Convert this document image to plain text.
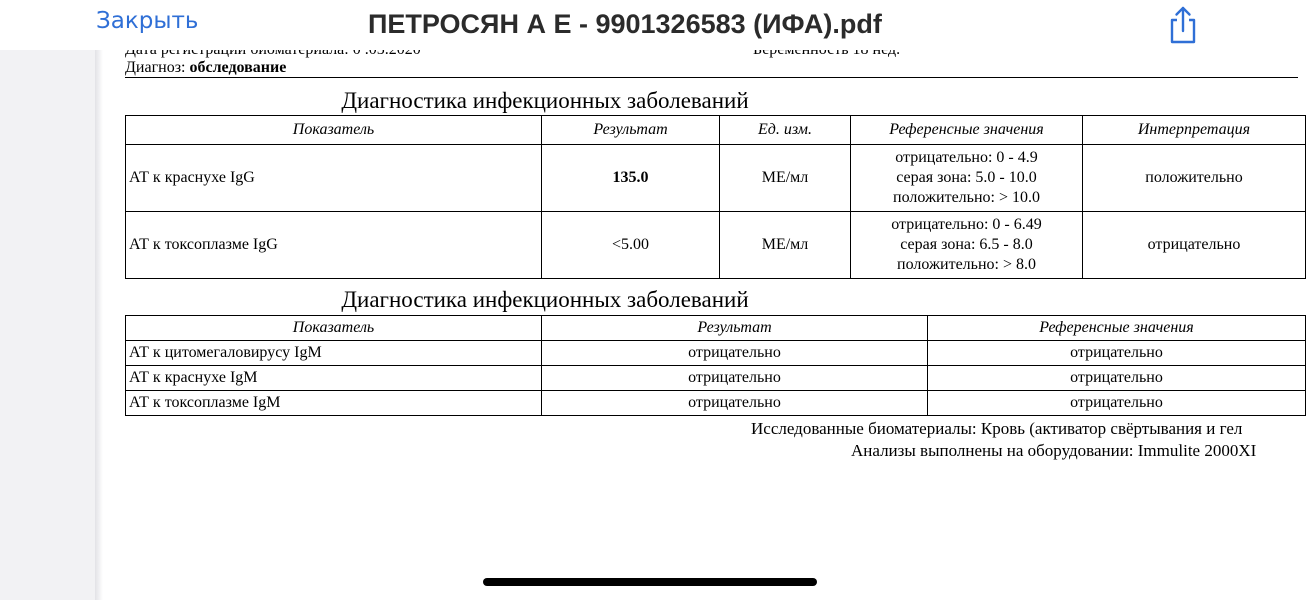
Закрыть	ПЕТРОСЯН А Е - 9901326583 (ИФА).pdf
Диагноз: обследование
Диагностика инфекционных заболеваний
Показатель	Результат	Ед. изм.	Референсные значения	Интерпретация
АТ к краснухе IgG	135.0	МЕ/мл	отрицательно: 0 - 4.9
серая зона: 5.0 - 10.0
положительно: > 10.0	положительно
АТ к токсоплазме IgG	<5.00	МЕ/мл	отрицательно: 0 - 6.49
серая зона: 6.5 - 8.0
положительно: > 8.0	отрицательно
Диагностика инфекционных заболеваний
Показатель	Результат	Референсные значения
АТ к цитомегаловирусу IgM	отрицательно	отрицательно
АТ к краснухе IgM	отрицательно	отрицательно
АТ к токсоплазме IgM	отрицательно	отрицательно
Исследованные биоматериалы: Кровь (активатор свёртывания и гел
Анализы выполнены на оборудовании: Immulite 2000XI
